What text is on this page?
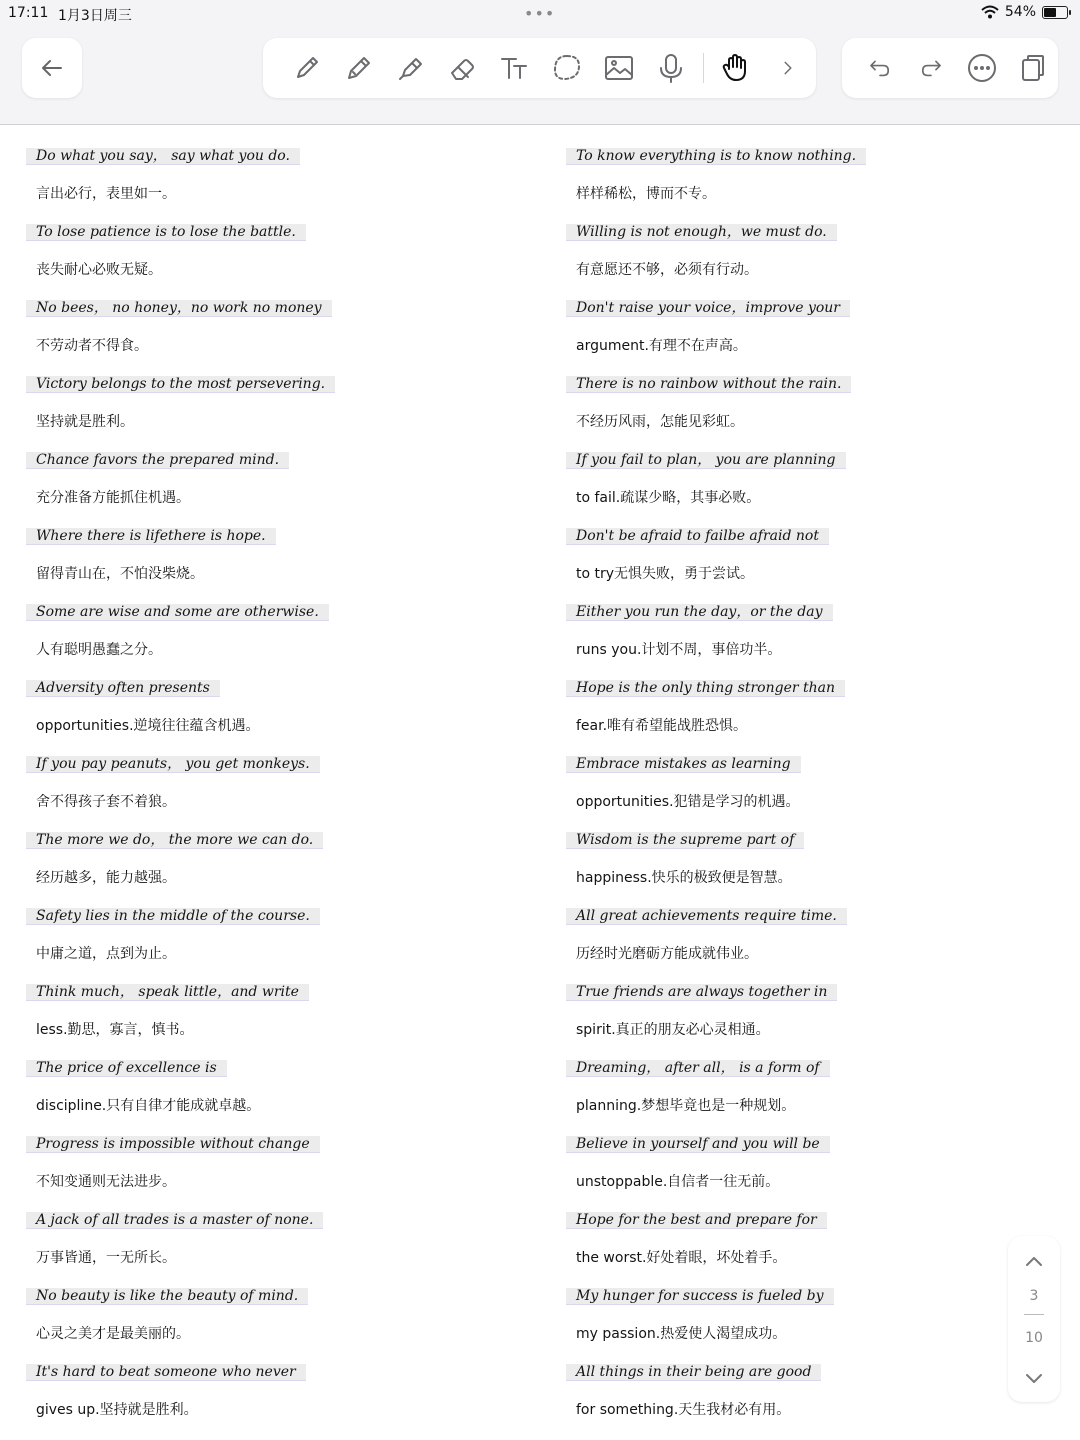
17:11 1月3日周三	•••	54%
Do what you say， say what you do.
言出必行，表里如一。
To lose patience is to lose the battle.
丧失耐心必败无疑。
No bees， no honey，no work no money
不劳动者不得食。
Victory belongs to the most persevering.
坚持就是胜利。
Chance favors the prepared mind.
充分准备方能抓住机遇。
Where there is lifethere is hope.
留得青山在，不怕没柴烧。
Some are wise and some are otherwise.
人有聪明愚蠢之分。
Adversity often presents
opportunities.逆境往往蕴含机遇。
If you pay peanuts， you get monkeys.
舍不得孩子套不着狼。
The more we do， the more we can do.
经历越多，能力越强。
Safety lies in the middle of the course.
中庸之道，点到为止。
Think much， speak little，and write
less.勤思，寡言，慎书。
The price of excellence is
discipline.只有自律才能成就卓越。
Progress is impossible without change
不知变通则无法进步。
A jack of all trades is a master of none.
万事皆通，一无所长。
No beauty is like the beauty of mind.
心灵之美才是最美丽的。
It's hard to beat someone who never
gives up.坚持就是胜利。
To know everything is to know nothing.
样样稀松，博而不专。
Willing is not enough，we must do.
有意愿还不够，必须有行动。
Don't raise your voice，improve your
argument.有理不在声高。
There is no rainbow without the rain.
不经历风雨，怎能见彩虹。
If you fail to plan， you are planning
to fail.疏谋少略，其事必败。
Don't be afraid to failbe afraid not
to try无惧失败，勇于尝试。
Either you run the day，or the day
runs you.计划不周，事倍功半。
Hope is the only thing stronger than
fear.唯有希望能战胜恐惧。
Embrace mistakes as learning
opportunities.犯错是学习的机遇。
Wisdom is the supreme part of
happiness.快乐的极致便是智慧。
All great achievements require time.
历经时光磨砺方能成就伟业。
True friends are always together in
spirit.真正的朋友必心灵相通。
Dreaming， after all， is a form of
planning.梦想毕竟也是一种规划。
Believe in yourself and you will be
unstoppable.自信者一往无前。
Hope for the best and prepare for
the worst.好处着眼，坏处着手。
My hunger for success is fueled by
my passion.热爱使人渴望成功。
All things in their being are good
for something.天生我材必有用。
3
10
